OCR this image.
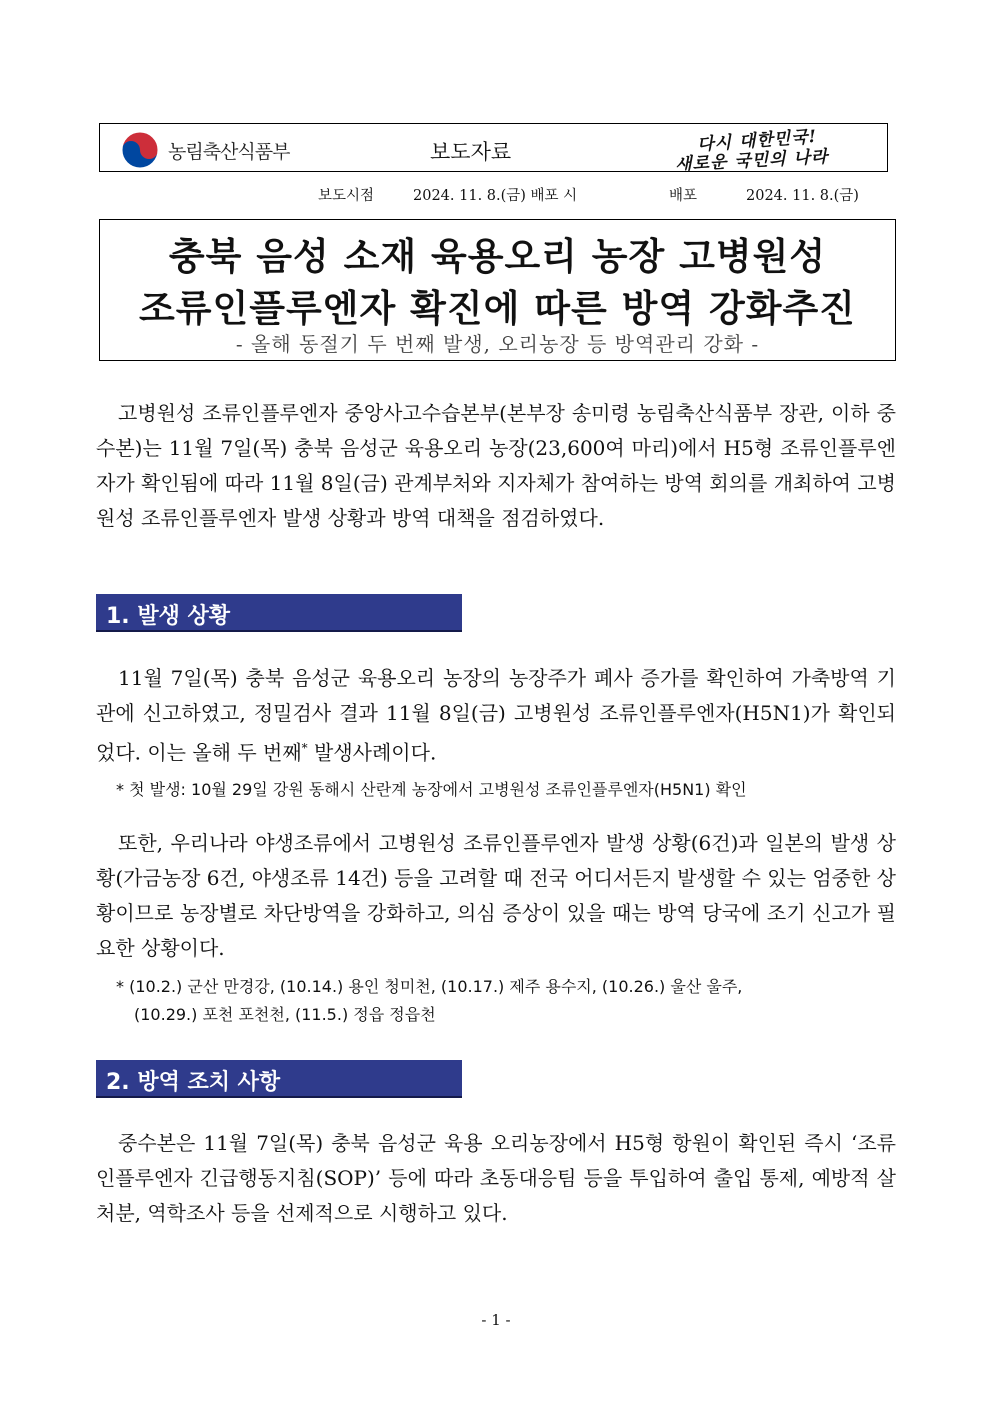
농림축산식품부	보도자료	다시 대한민국!
새로운 국민의 나라
보도시점	2024. 11. 8.(금) 배포 시	배포	2024. 11. 8.(금)
충북 음성 소재 육용오리 농장 고병원성
조류인플루엔자 확진에 따른 방역 강화추진
- 올해 동절기 두 번째 발생, 오리농장 등 방역관리 강화 -

고병원성 조류인플루엔자 중앙사고수습본부(본부장 송미령 농림축산식품부 장관, 이하 중수본)는 11월 7일(목) 충북 음성군 육용오리 농장(23,600여 마리)에서 H5형 조류인플루엔자가 확인됨에 따라 11월 8일(금) 관계부처와 지자체가 참여하는 방역 회의를 개최하여 고병원성 조류인플루엔자 발생 상황과 방역 대책을 점검하였다.

1. 발생 상황

11월 7일(목) 충북 음성군 육용오리 농장의 농장주가 폐사 증가를 확인하여 가축방역 기관에 신고하였고, 정밀검사 결과 11월 8일(금) 고병원성 조류인플루엔자(H5N1)가 확인되었다. 이는 올해 두 번째* 발생사례이다.

* 첫 발생: 10월 29일 강원 동해시 산란계 농장에서 고병원성 조류인플루엔자(H5N1) 확인

또한, 우리나라 야생조류에서 고병원성 조류인플루엔자 발생 상황(6건)과 일본의 발생 상황(가금농장 6건, 야생조류 14건) 등을 고려할 때 전국 어디서든지 발생할 수 있는 엄중한 상황이므로 농장별로 차단방역을 강화하고, 의심 증상이 있을 때는 방역 당국에 조기 신고가 필요한 상황이다.

* (10.2.) 군산 만경강, (10.14.) 용인 청미천, (10.17.) 제주 용수지, (10.26.) 울산 울주,
(10.29.) 포천 포천천, (11.5.) 정읍 정읍천
2. 방역 조치 사항

중수본은 11월 7일(목) 충북 음성군 육용 오리농장에서 H5형 항원이 확인된 즉시 ‘조류인플루엔자 긴급행동지침(SOP)’ 등에 따라 초동대응팀 등을 투입하여 출입 통제, 예방적 살처분, 역학조사 등을 선제적으로 시행하고 있다.

- 1 -
